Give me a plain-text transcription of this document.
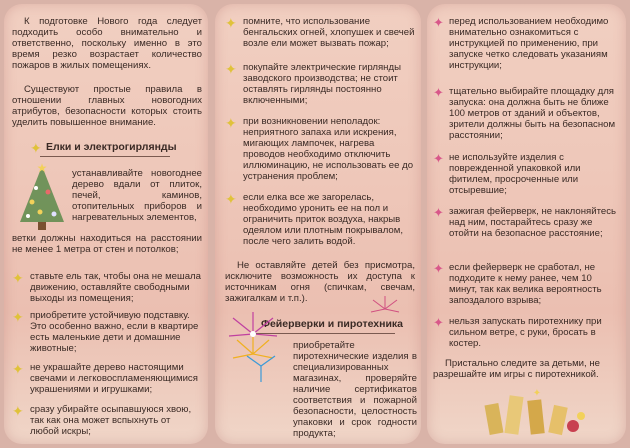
К подготовке Нового года следует подходить особо внимательно и ответственно, поскольку именно в это время резко возрастает количество пожаров в жилых помещениях.
Существуют простые правила в отношении главных новогодних атрибутов, безопасности которых стоить уделить повышенное внимание.
✦ Елки и электрогирлянды
★	устанавливайте новогоднее дерево вдали от плиток, печей, каминов, отопительных приборов и нагревательных элементов,
ветки должны находиться на расстоянии не менее 1 метра от стен и потолков;
✦ ставьте ель так, чтобы она не мешала движению, оставляйте свободными выходы из помещения;
✦ приобретите устойчивую подставку. Это особенно важно, если в квартире есть маленькие дети и домашние животные;
✦ не украшайте дерево настоящими свечами и легковоспламеняющимися украшениями и игрушками;
✦ сразу убирайте осыпавшуюся хвою, так как она может вспыхнуть от любой искры;
✦ помните, что использование бенгальских огней, хлопушек и свечей возле ели может вызвать пожар;
✦ покупайте электрические гирлянды заводского производства; не стоит оставлять гирлянды постоянно включенными;
✦ при возникновении неполадок: неприятного запаха или искрения, мигающих лампочек, нагрева проводов необходимо отключить иллюминацию, не использовать ее до устранения проблем;
✦ если елка все же загорелась, необходимо уронить ее на пол и ограничить приток воздуха, накрыв одеялом или плотным покрывалом, после чего залить водой.
Не оставляйте детей без присмотра, исключите возможность их доступа к источникам огня (спичкам, свечам, зажигалкам и т.п.).
Фейерверки и пиротехника
приобретайте пиротехнические изделия в специализированных магазинах, проверяйте наличие сертификатов соответствия и пожарной безопасности, целостность упаковки и срок годности продукта;
✦ перед использованием необходимо внимательно ознакомиться с инструкцией по применению, при запуске четко следовать указаниям инструкции;
✦ тщательно выбирайте площадку для запуска: она должна быть не ближе 100 метров от зданий и объектов, зрители должны быть на безопасном расстоянии;
✦ не используйте изделия с поврежденной упаковкой или фитилем, просроченные или отсыревшие;
✦ зажигая фейерверк, не наклоняйтесь над ним, постарайтесь сразу же отойти на безопасное расстояние;
✦ если фейерверк не сработал, не подходите к нему ранее, чем 10 минут, так как велика вероятность запоздалого взрыва;
✦ нельзя запускать пиротехнику при сильном ветре, с руки, бросать в костер.
Пристально следите за детьми, не разрешайте им игры с пиротехникой.
✦
